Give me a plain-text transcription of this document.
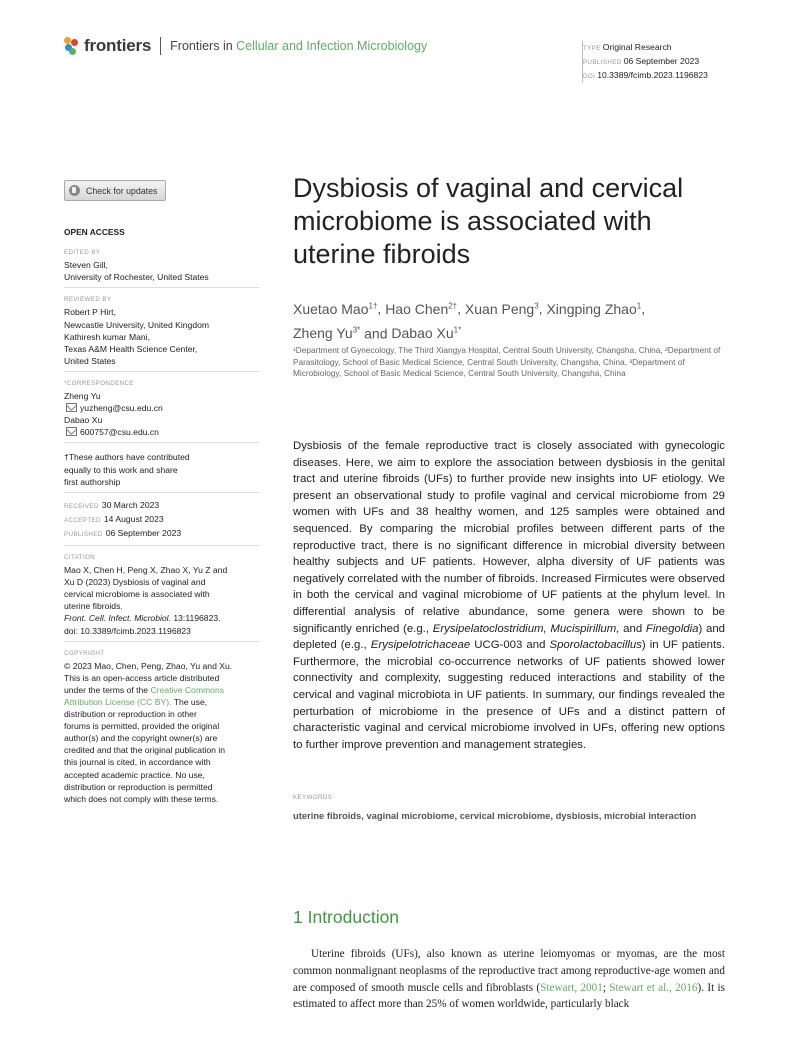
frontiers Frontiers in Cellular and Infection Microbiology	TYPE Original Research
PUBLISHED 06 September 2023
DOI 10.3389/fcimb.2023.1196823
Check for updates
OPEN ACCESS
EDITED BY

Steven Gill,

University of Rochester, United States

REVIEWED BY

Robert P Hirt,

Newcastle University, United Kingdom

Kathiresh kumar Mani,

Texas A&M Health Science Center,

United States

*CORRESPONDENCE

Zheng Yu

yuzheng@csu.edu.cn

Dabao Xu

600757@csu.edu.cn

†These authors have contributed

equally to this work and share

first authorship

RECEIVED 30 March 2023

ACCEPTED 14 August 2023

PUBLISHED 06 September 2023

CITATION

Mao X, Chen H, Peng X, Zhao X, Yu Z and

Xu D (2023) Dysbiosis of vaginal and

cervical microbiome is associated with

uterine fibroids.

Front. Cell. Infect. Microbiol. 13:1196823.

doi: 10.3389/fcimb.2023.1196823

COPYRIGHT

© 2023 Mao, Chen, Peng, Zhao, Yu and Xu.

This is an open-access article distributed

under the terms of the Creative Commons

Attribution License (CC BY). The use,

distribution or reproduction in other

forums is permitted, provided the original

author(s) and the copyright owner(s) are

credited and that the original publication in

this journal is cited, in accordance with

accepted academic practice. No use,

distribution or reproduction is permitted

which does not comply with these terms.

Dysbiosis of vaginal and cervical microbiome is associated with uterine fibroids
Xuetao Mao$^{1\dagger}$, Hao Chen$^{2\dagger}$, Xuan Peng$^3$, Xingping Zhao$^1$,
Zheng $Yu^{3*}$ and Dabao $Xu^{1*}$
¹Department of Gynecology, The Third Xiangya Hospital, Central South University, Changsha, China, ²Department of Parasitology, School of Basic Medical Science, Central South University, Changsha, China, ³Department of Microbiology, School of Basic Medical Science, Central South University, Changsha, China

Dysbiosis of the female reproductive tract is closely associated with gynecologic diseases. Here, we aim to explore the association between dysbiosis in the genital tract and uterine fibroids (UFs) to further provide new insights into UF etiology. We present an observational study to profile vaginal and cervical microbiome from 29 women with UFs and 38 healthy women, and 125 samples were obtained and sequenced. By comparing the microbial profiles between different parts of the reproductive tract, there is no significant difference in microbial diversity between healthy subjects and UF patients. However, alpha diversity of UF patients was negatively correlated with the number of fibroids. Increased Firmicutes were observed in both the cervical and vaginal microbiome of UF patients at the phylum level. In differential analysis of relative abundance, some genera were shown to be significantly enriched (e.g., Erysipelatoclostridium, Mucispirillum, and Finegoldia) and depleted (e.g., Erysipelotrichaceae UCG-003 and Sporolactobacillus) in UF patients. Furthermore, the microbial co-occurrence networks of UF patients showed lower connectivity and complexity, suggesting reduced interactions and stability of the cervical and vaginal microbiota in UF patients. In summary, our findings revealed the perturbation of microbiome in the presence of UFs and a distinct pattern of characteristic vaginal and cervical microbiome involved in UFs, offering new options to further improve prevention and management strategies.

KEYWORDS
uterine fibroids, vaginal microbiome, cervical microbiome, dysbiosis, microbial interaction
1 Introduction

Uterine fibroids (UFs), also known as uterine leiomyomas or myomas, are the most common nonmalignant neoplasms of the reproductive tract among reproductive-age women and are composed of smooth muscle cells and fibroblasts (Stewart, 2001; Stewart et al., 2016). It is estimated to affect more than 25% of women worldwide, particularly black
